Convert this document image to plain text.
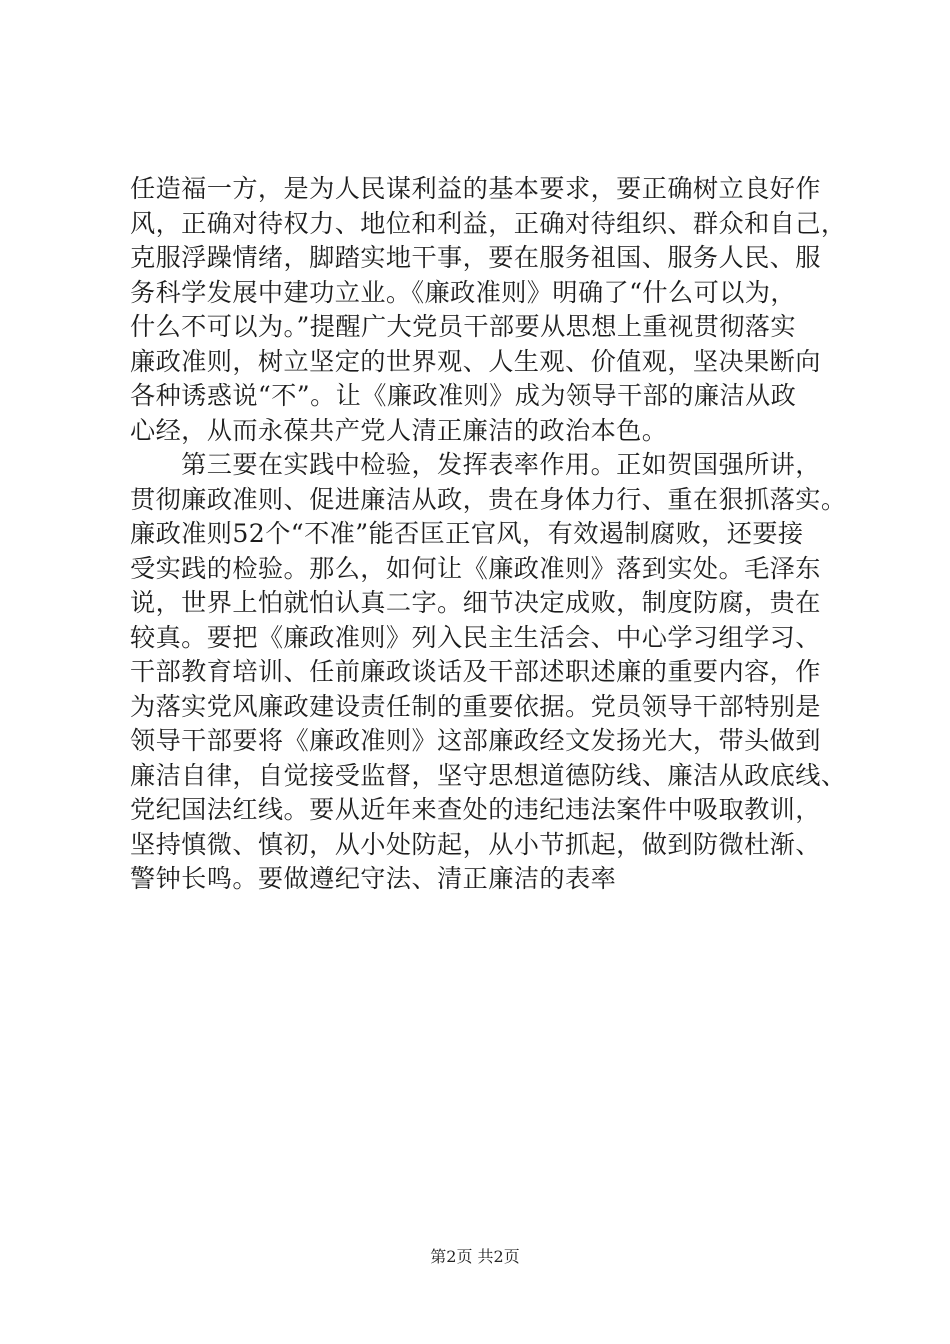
任造福一方，是为人民谋利益的基本要求，要正确树立良好作
风，正确对待权力、地位和利益，正确对待组织、群众和自己，
克服浮躁情绪，脚踏实地干事，要在服务祖国、服务人民、服
务科学发展中建功立业。《廉政准则》明确了“什么可以为，
什么不可以为。”提醒广大党员干部要从思想上重视贯彻落实
廉政准则，树立坚定的世界观、人生观、价值观，坚决果断向
各种诱惑说“不”。让《廉政准则》成为领导干部的廉洁从政
心经，从而永葆共产党人清正廉洁的政治本色。
　　第三要在实践中检验，发挥表率作用。正如贺国强所讲，
贯彻廉政准则、促进廉洁从政，贵在身体力行、重在狠抓落实。
廉政准则52个“不准”能否匡正官风，有效遏制腐败，还要接
受实践的检验。那么，如何让《廉政准则》落到实处。毛泽东
说，世界上怕就怕认真二字。细节决定成败，制度防腐，贵在
较真。要把《廉政准则》列入民主生活会、中心学习组学习、
干部教育培训、任前廉政谈话及干部述职述廉的重要内容，作
为落实党风廉政建设责任制的重要依据。党员领导干部特别是
领导干部要将《廉政准则》这部廉政经文发扬光大，带头做到
廉洁自律，自觉接受监督，坚守思想道德防线、廉洁从政底线、
党纪国法红线。要从近年来查处的违纪违法案件中吸取教训，
坚持慎微、慎初，从小处防起，从小节抓起，做到防微杜渐、
警钟长鸣。要做遵纪守法、清正廉洁的表率
第2页 共2页
